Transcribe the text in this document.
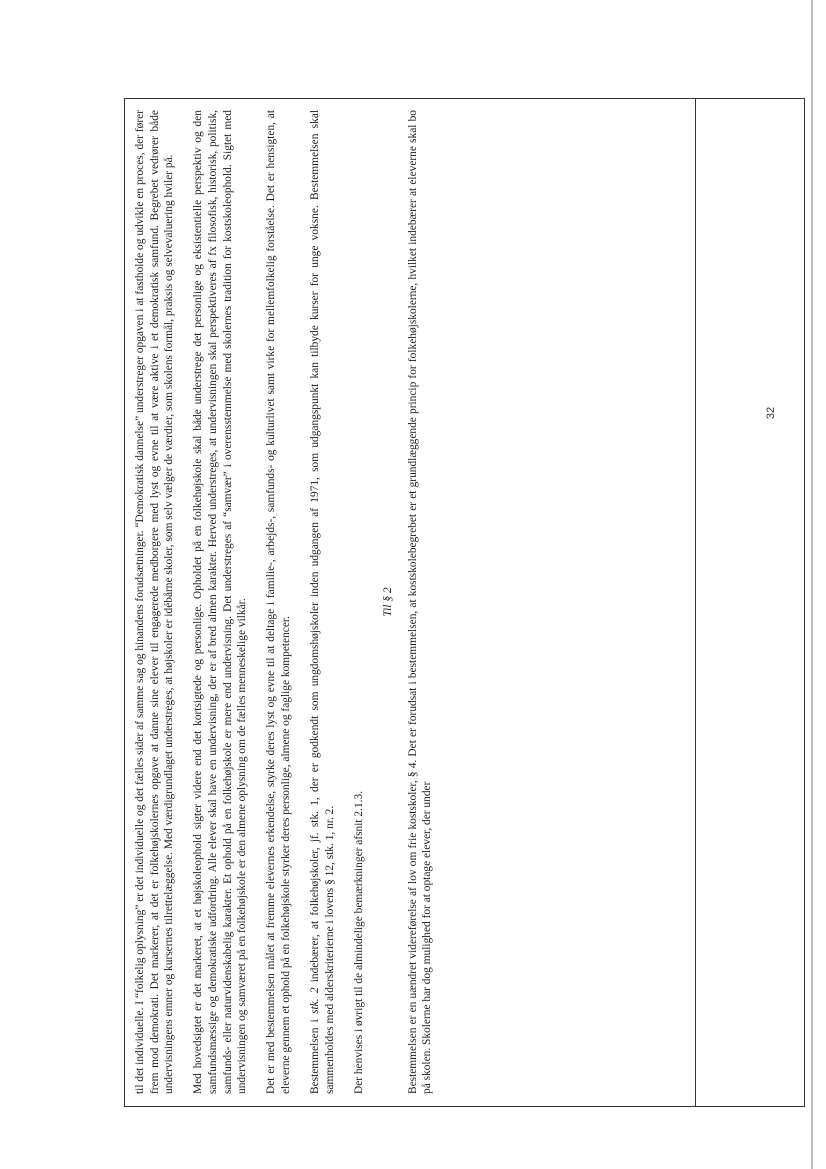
32

til det individuelle. I “folkelig oplysning” er det individuelle og det fælles sider af samme sag og hinandens forudsætninger. “Demokratisk dannelse” understreger opgaven i at fastholde og udvikle en proces, der fører frem mod demokrati. Det markerer, at det er folkehøjskolernes opgave at danne sine elever til engagerede medborgere med lyst og evne til at være aktive i et demokratisk samfund. Begrebet vedrører både undervisningens emner og kursernes tilrettelæggelse. Med værdigrundlaget understreges, at højskoler er idébårne skoler, som selv vælger de værdier, som skolens formål, praksis og selvevaluering hviler på. Med hovedsigtet er det markeret, at et højskoleophold sigter videre end det kortsigtede og personlige. Opholdet på en folkehøjskole skal både understrege det personlige og eksistentielle perspektiv og den samfundsmæssige og demokratiske udfordring. Alle elever skal have en undervisning, der er af bred almen karakter. Herved understreges, at undervisningen skal perspektiveres af fx filosofisk, historisk, politisk, samfunds- eller naturvidenskabelig karakter. Et ophold på en folkehøjskole er mere end undervisning. Det understreges af “samvær” i overensstemmelse med skolernes tradition for kostskoleophold. Sigtet med undervisningen og samværet på en folkehøjskole er den almene oplysning om de fælles menneskelige vilkår. Det er med bestemmelsen målet at fremme elevernes erkendelse, styrke deres lyst og evne til at deltage i familie-, arbejds-, samfunds- og kulturlivet samt virke for mellemfolkelig forståelse. Det er hensigten, at eleverne gennem et ophold på en folkehøjskole styrker deres personlige, almene og faglige kompetencer. Bestemmelsen i stk. 2 indebærer, at folkehøjskoler, jf. stk. 1, der er godkendt som ungdomshøjskoler inden udgangen af 1971, som udgangspunkt kan tilbyde kurser for unge voksne. Bestemmelsen skal sammenholdes med alderskriterierne i lovens § 12, stk. 1, nr. 2. Der henvises i øvrigt til de almindelige bemærkninger afsnit 2.1.3.

Til § 2 Bestemmelsen er en uændret videreførelse af lov om frie kostskoler, § 4. Det er forudsat i bestemmelsen, at kostskolebegrebet er et grundlæggende princip for folkehøjskolerne, hvilket indebærer at eleverne skal bo på skolen. Skolerne har dog mulighed for at optage elever, der under
